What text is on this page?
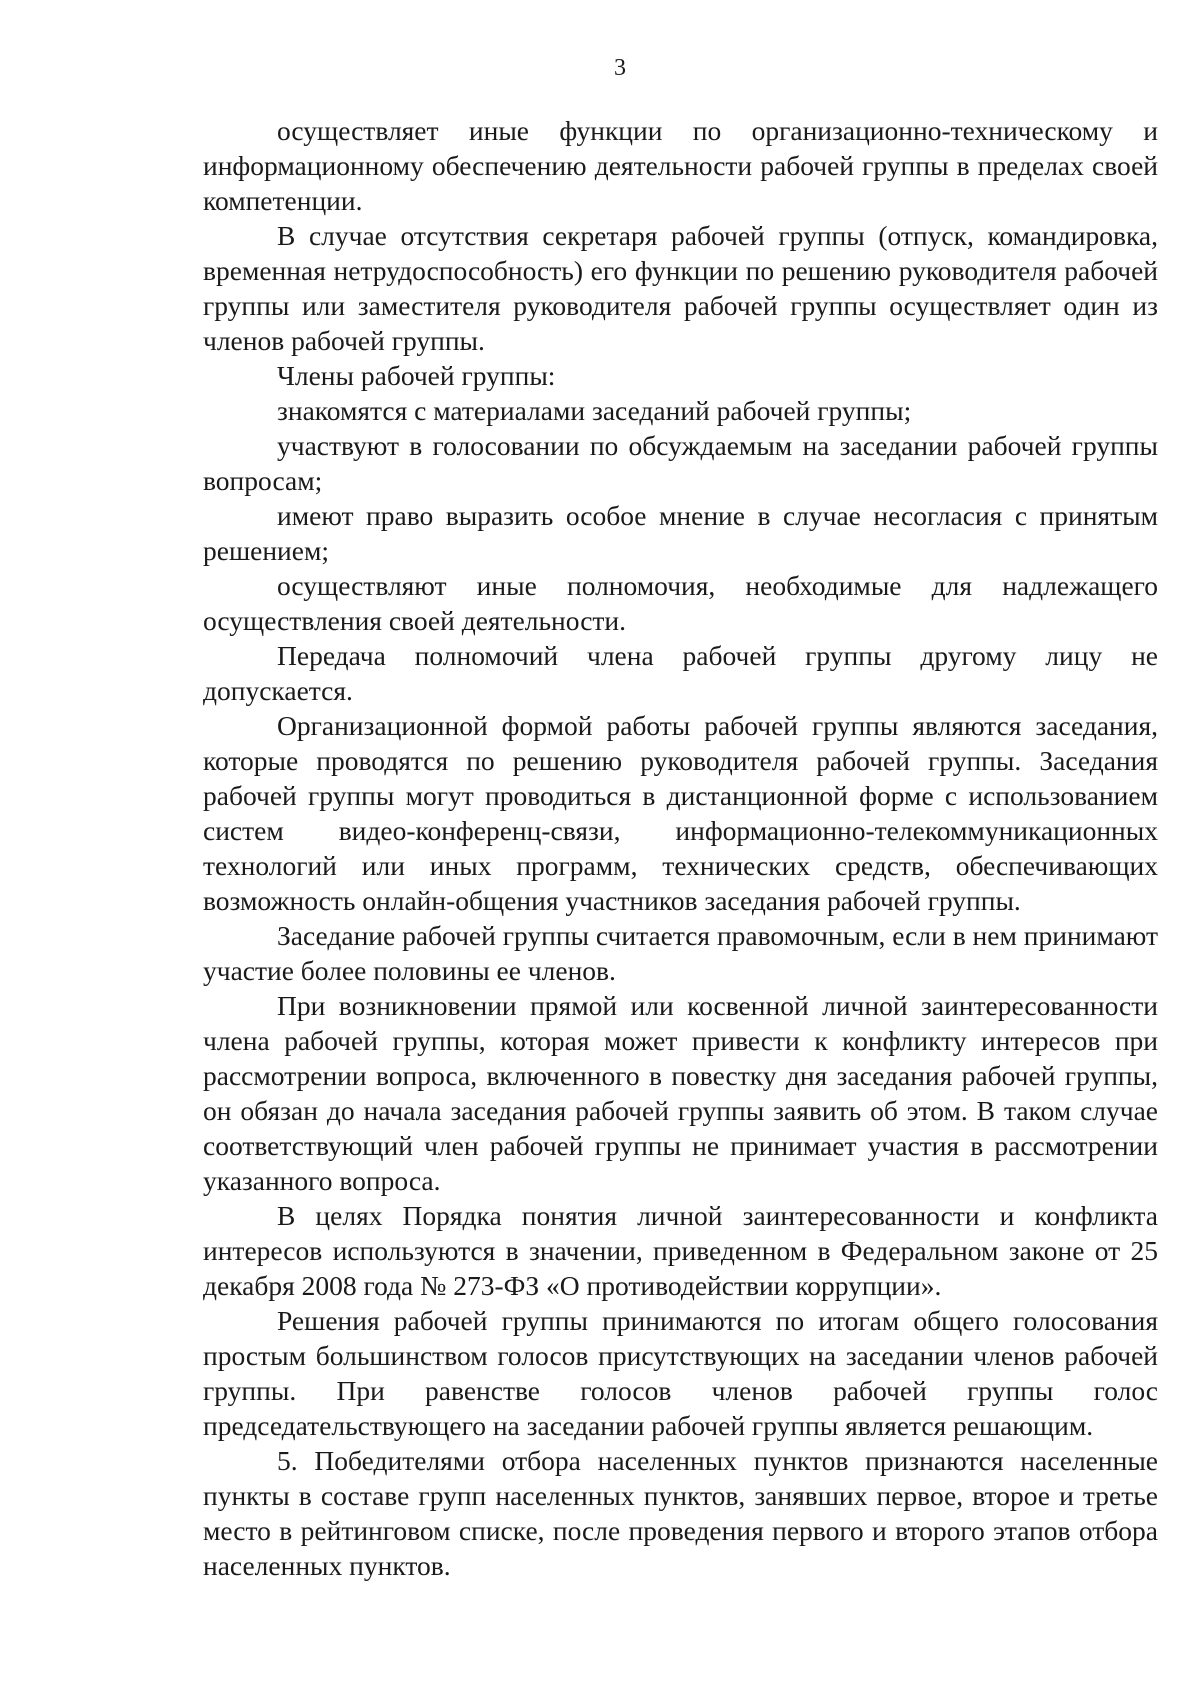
3

осуществляет иные функции по организационно-техническому и информационному обеспечению деятельности рабочей группы в пределах своей компетенции.

В случае отсутствия секретаря рабочей группы (отпуск, командировка, временная нетрудоспособность) его функции по решению руководителя рабочей группы или заместителя руководителя рабочей группы осуществляет один из членов рабочей группы.

Члены рабочей группы:

знакомятся с материалами заседаний рабочей группы;

участвуют в голосовании по обсуждаемым на заседании рабочей группы вопросам;

имеют право выразить особое мнение в случае несогласия с принятым решением;

осуществляют иные полномочия, необходимые для надлежащего осуществления своей деятельности.

Передача полномочий члена рабочей группы другому лицу не допускается.

Организационной формой работы рабочей группы являются заседания, которые проводятся по решению руководителя рабочей группы. Заседания рабочей группы могут проводиться в дистанционной форме с использованием систем видео-конференц-связи, информационно-телекоммуникационных технологий или иных программ, технических средств, обеспечивающих возможность онлайн-общения участников заседания рабочей группы.

Заседание рабочей группы считается правомочным, если в нем принимают участие более половины ее членов.

При возникновении прямой или косвенной личной заинтересованности члена рабочей группы, которая может привести к конфликту интересов при рассмотрении вопроса, включенного в повестку дня заседания рабочей группы, он обязан до начала заседания рабочей группы заявить об этом. В таком случае соответствующий член рабочей группы не принимает участия в рассмотрении указанного вопроса.

В целях Порядка понятия личной заинтересованности и конфликта интересов используются в значении, приведенном в Федеральном законе от 25 декабря 2008 года № 273-ФЗ «О противодействии коррупции».

Решения рабочей группы принимаются по итогам общего голосования простым большинством голосов присутствующих на заседании членов рабочей группы. При равенстве голосов членов рабочей группы голос председательствующего на заседании рабочей группы является решающим.

5. Победителями отбора населенных пунктов признаются населенные пункты в составе групп населенных пунктов, занявших первое, второе и третье место в рейтинговом списке, после проведения первого и второго этапов отбора населенных пунктов.
